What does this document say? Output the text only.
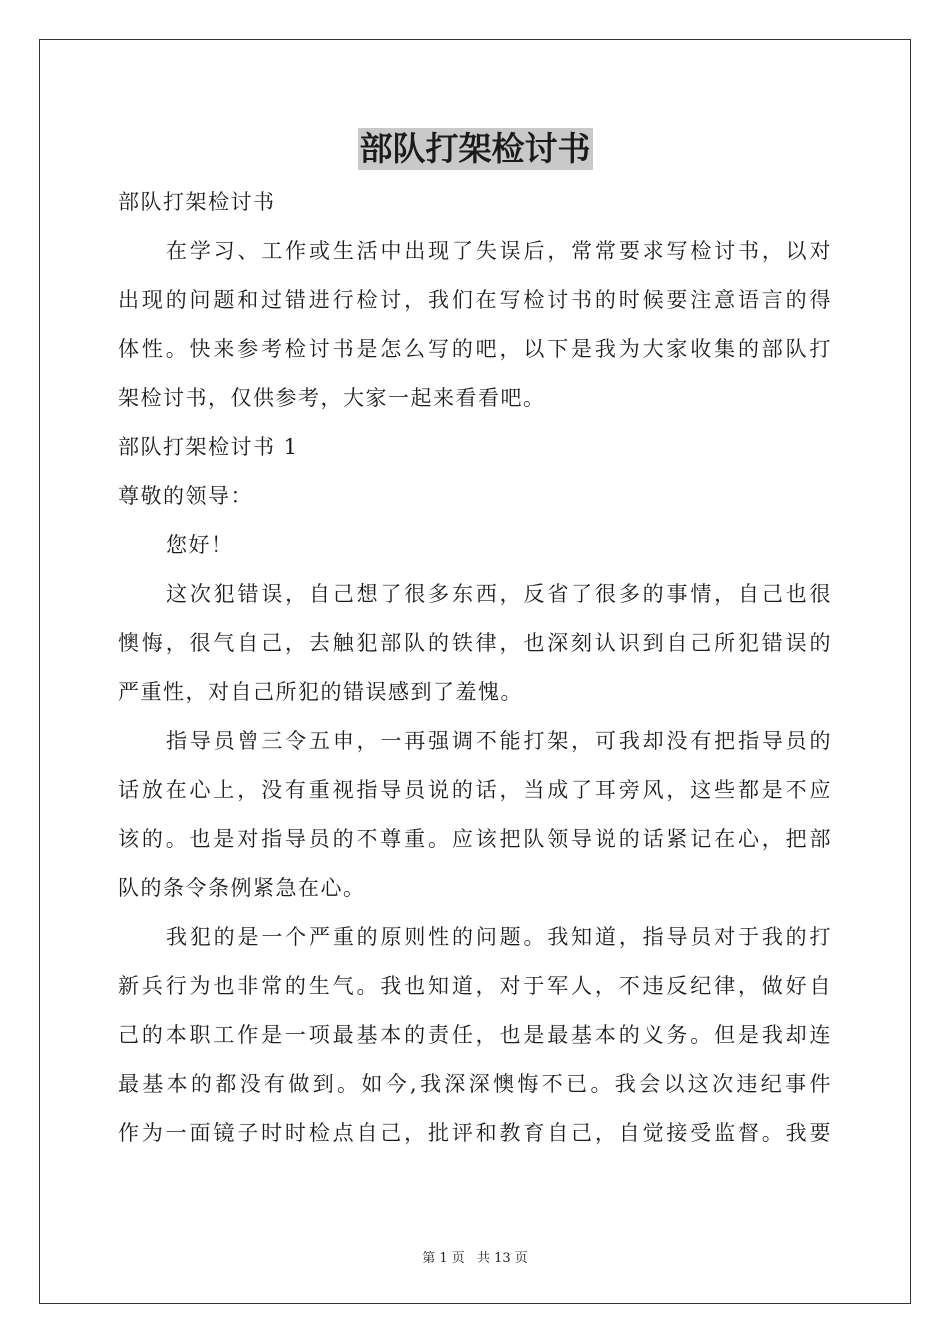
部队打架检讨书
部队打架检讨书
在学习、工作或生活中出现了失误后，常常要求写检讨书，以对
出现的问题和过错进行检讨，我们在写检讨书的时候要注意语言的得
体性。快来参考检讨书是怎么写的吧，以下是我为大家收集的部队打
架检讨书，仅供参考，大家一起来看看吧。
部队打架检讨书 1
尊敬的领导：
您好！
这次犯错误，自己想了很多东西，反省了很多的事情，自己也很
懊悔，很气自己，去触犯部队的铁律，也深刻认识到自己所犯错误的
严重性，对自己所犯的错误感到了羞愧。
指导员曾三令五申，一再强调不能打架，可我却没有把指导员的
话放在心上，没有重视指导员说的话，当成了耳旁风，这些都是不应
该的。也是对指导员的不尊重。应该把队领导说的话紧记在心，把部
队的条令条例紧急在心。
我犯的是一个严重的原则性的问题。我知道，指导员对于我的打
新兵行为也非常的生气。我也知道，对于军人，不违反纪律，做好自
己的本职工作是一项最基本的责任，也是最基本的义务。但是我却连
最基本的都没有做到。如今,我深深懊悔不已。我会以这次违纪事件
作为一面镜子时时检点自己，批评和教育自己，自觉接受监督。我要
第 1 页 共 13 页
